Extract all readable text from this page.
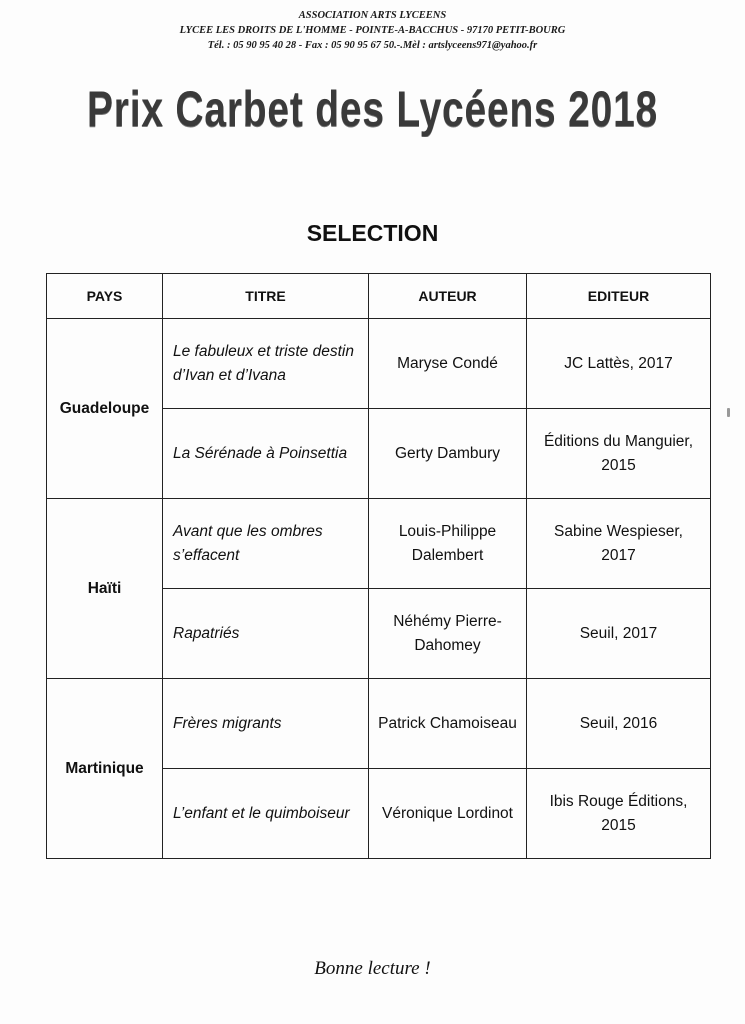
ASSOCIATION ARTS LYCEENS
LYCEE LES DROITS DE L'HOMME - POINTE-A-BACCHUS - 97170 PETIT-BOURG
Tél. : 05 90 95 40 28 - Fax : 05 90 95 67 50.-.Mèl : artslyceens971@yahoo.fr
Prix Carbet des Lycéens 2018
SELECTION
PAYS	TITRE	AUTEUR	EDITEUR
Guadeloupe	Le fabuleux et triste destin d’Ivan et d’Ivana	Maryse Condé	JC Lattès, 2017
	La Sérénade à Poinsettia	Gerty Dambury	Éditions du Manguier, 2015
Haïti	Avant que les ombres s’effacent	Louis-Philippe Dalembert	Sabine Wespieser, 2017
	Rapatriés	Néhémy Pierre-Dahomey	Seuil, 2017
Martinique	Frères migrants	Patrick Chamoiseau	Seuil, 2016
	L’enfant et le quimboiseur	Véronique Lordinot	Ibis Rouge Éditions, 2015
Bonne lecture !
